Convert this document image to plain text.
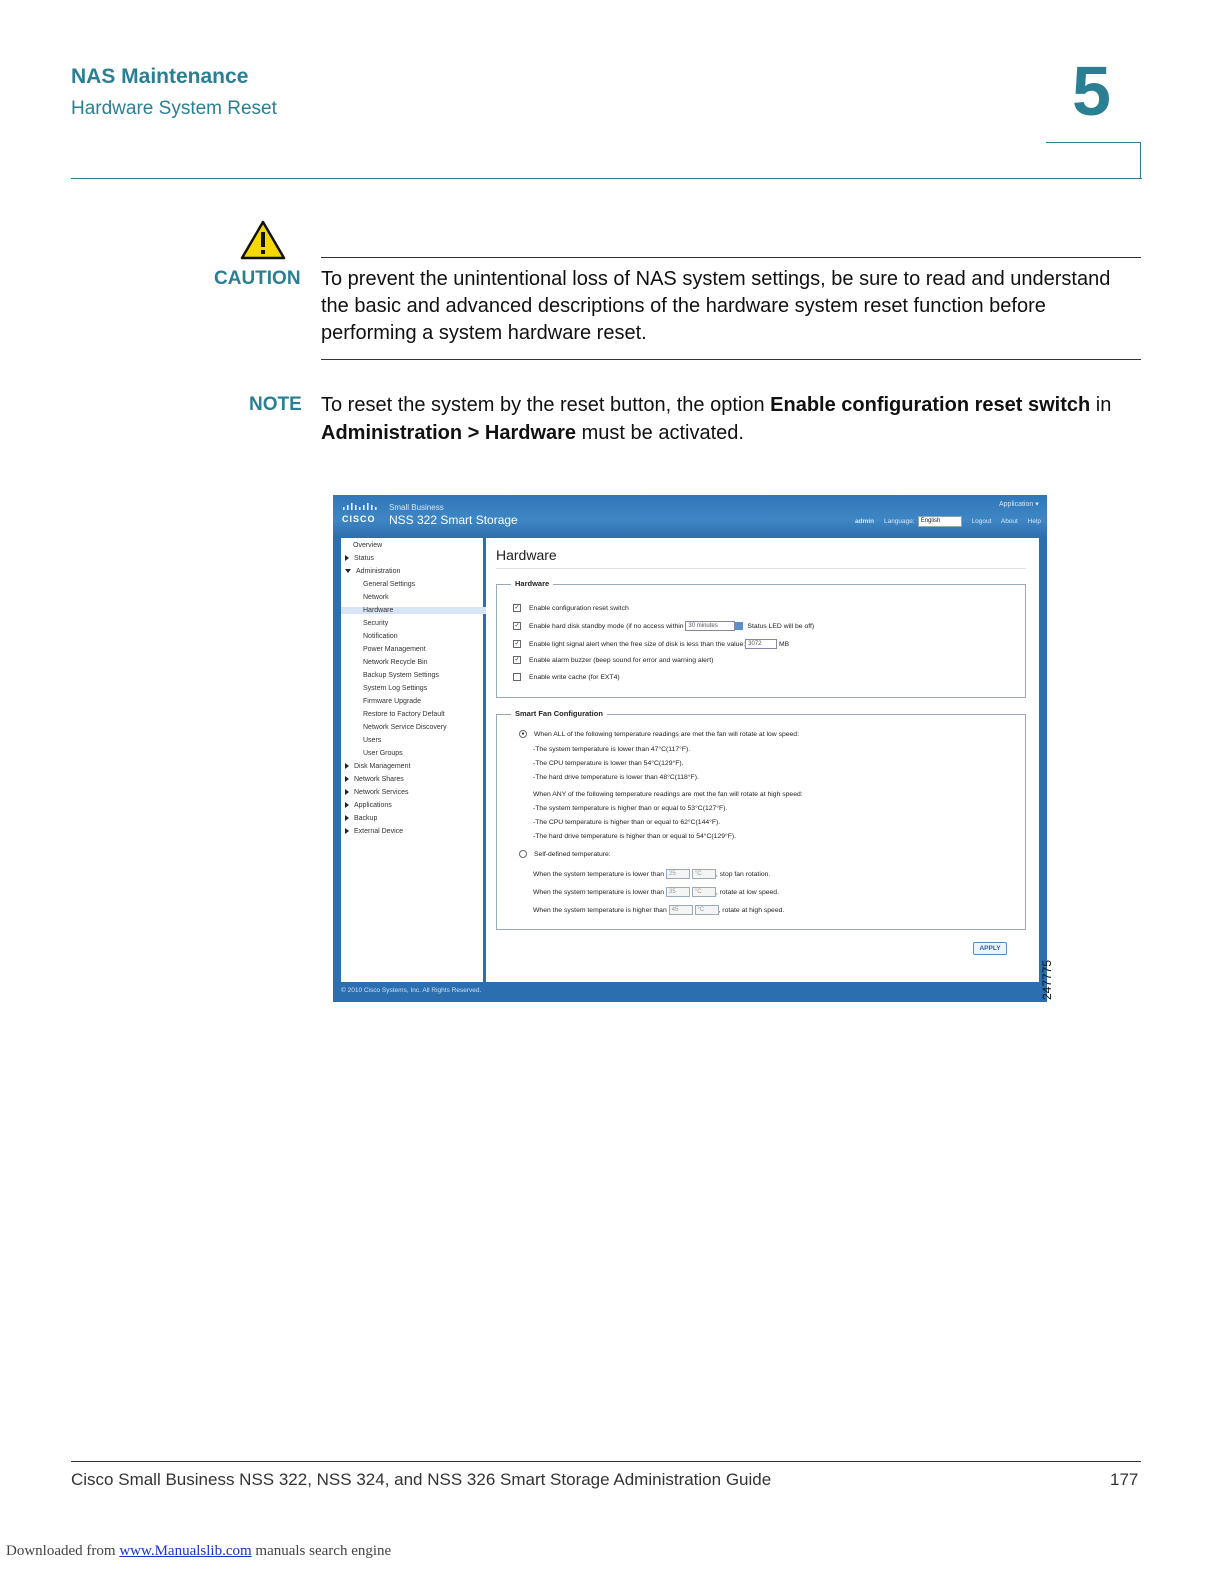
NAS Maintenance
Hardware System Reset	5
CAUTION To prevent the unintentional loss of NAS system settings, be sure to read and understand the basic and advanced descriptions of the hardware system reset function before performing a system hardware reset.
NOTE To reset the system by the reset button, the option Enable configuration reset switch in Administration > Hardware must be activated.
CISCO
Small Business
NSS 322 Smart Storage
Application ▾
admin Language: English	Logout About Help
Overview
Status
Administration
General Settings
Network
Hardware
Security
Notification
Power Management
Network Recycle Bin
Backup System Settings
System Log Settings
Firmware Upgrade
Restore to Factory Default
Network Service Discovery
Users
User Groups
Disk Management
Network Shares
Network Services
Applications
Backup
External Device
Hardware
Hardware
✓ Enable configuration reset switch
✓ Enable hard disk standby mode (if no access within 30 minutes	Status LED will be off)
✓ Enable light signal alert when the free size of disk is less than the value: 3072	MB
✓ Enable alarm buzzer (beep sound for error and warning alert)
Enable write cache (for EXT4)
Smart Fan Configuration
● When ALL of the following temperature readings are met the fan will rotate at low speed:
-The system temperature is lower than 47°C(117°F).
-The CPU temperature is lower than 54°C(129°F).
-The hard drive temperature is lower than 48°C(118°F).
When ANY of the following temperature readings are met the fan will rotate at high speed:
-The system temperature is higher than or equal to 53°C(127°F).
-The CPU temperature is higher than or equal to 62°C(144°F).
-The hard drive temperature is higher than or equal to 54°C(129°F).
Self-defined temperature:
When the system temperature is lower than 25	°C , stop fan rotation.
When the system temperature is lower than 35	°C , rotate at low speed.
When the system temperature is higher than 45	°C , rotate at high speed.
APPLY
© 2010 Cisco Systems, Inc. All Rights Reserved.	247775
Cisco Small Business NSS 322, NSS 324, and NSS 326 Smart Storage Administration Guide	177
Downloaded from www.Manualslib.com manuals search engine
